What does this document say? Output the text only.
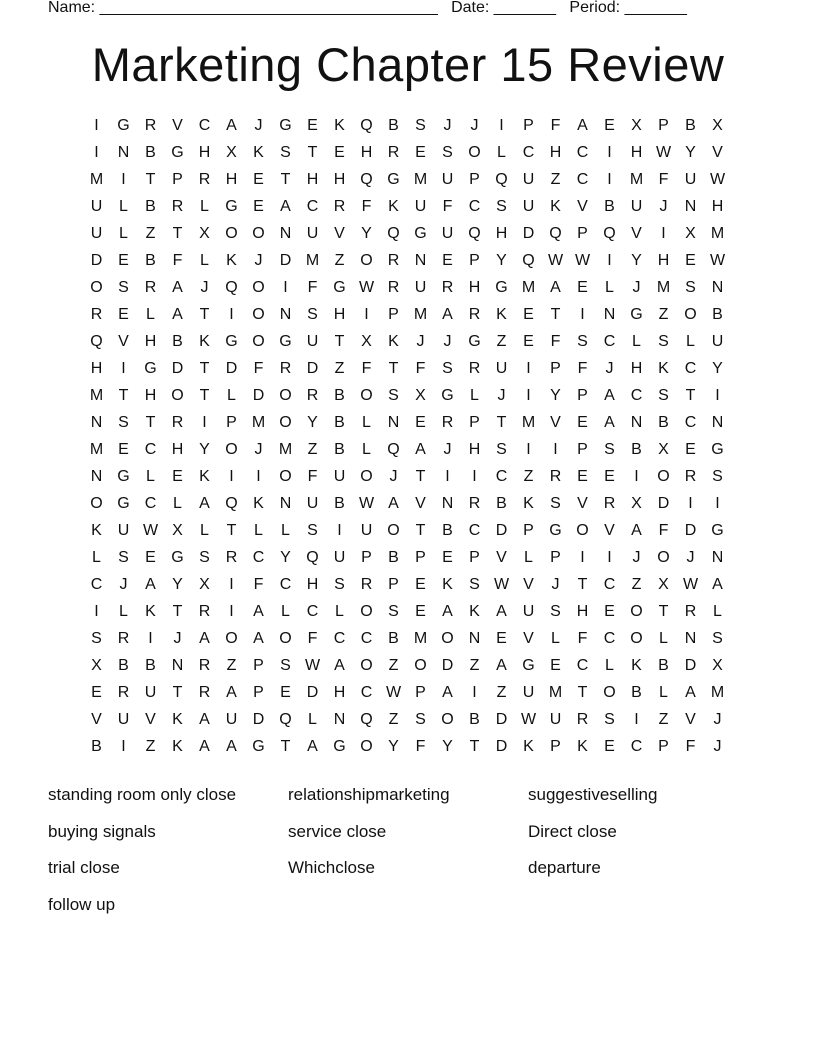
Name: ______________________________________ Date: _______ Period: _______
Marketing Chapter 15 Review
I	G R V C A	J	G E	K Q B	S	J	J	I	P	F	A	E	X	P	B	X
I	N B G H X	K	S	T	E H R E	S O	L	C H C	I	H W Y	V
M	I	T	P R H E	T	H H Q G M U P Q U	Z	C	I	M F	U W
U	L	B R	L	G E	A C R	F	K U	F	C S U K	V	B U	J	N H
U	L	Z	T	X O O N U V	Y Q G U Q H D Q P Q V	I	X M
D E	B	F	L	K	J	D M Z O R N E	P	Y Q W W	I	Y H E W
O S R A	J	Q O	I	F G W R U R H G M A	E	L	J	M S N
R E	L	A	T	I	O N S H	I	P M A R K	E	T	I	N G Z O B
Q V H B	K G O G U	T	X	K	J	J	G Z	E	F	S C	L	S	L	U
H	I	G D	T	D	F	R D	Z	F	T	F	S R U	I	P	F	J	H K C Y
M T	H O T	L	D O R B O S	X G	L	J	I	Y	P	A C S	T	I
N S	T	R	I	P M O Y	B	L	N E R P	T M V	E	A N B C N
M E C H Y O	J	M Z	B	L	Q A	J	H S	I	I	P	S	B	X	E G
N G	L	E	K	I	I	O F	U O	J	T	I	I	C	Z	R E	E	I	O R S
O G C	L	A Q K N U B W A	V N R B	K	S	V R X D	I	I
K U W X	L	T	L	L	S	I	U O T	B C D P G O V	A	F	D G
L	S	E G S R C Y Q U P	B	P	E	P	V	L	P	I	I	J	O	J	N
C	J	A	Y	X	I	F	C H S R P	E	K	S W V	J	T	C	Z	X W A
I	L	K	T	R	I	A	L	C	L	O S	E	A	K	A U S H E O T	R	L
S R	I	J	A O A O F	C C B M O N E	V	L	F	C O	L	N S
X	B	B N R	Z	P	S W A O Z O D	Z	A G E C	L	K	B D X
E R U	T	R A	P	E D H C W P	A	I	Z	U M T O B	L	A M
V U V	K	A U D Q	L	N Q Z	S O B D W U R S	I	Z	V	J
B	I	Z	K	A	A G T	A G O Y	F	Y	T	D K	P	K	E C P	F	J
standing room only close	relationshipmarketing	suggestiveselling
buying signals	service close	Direct close
trial close	Whichclose	departure
follow up
